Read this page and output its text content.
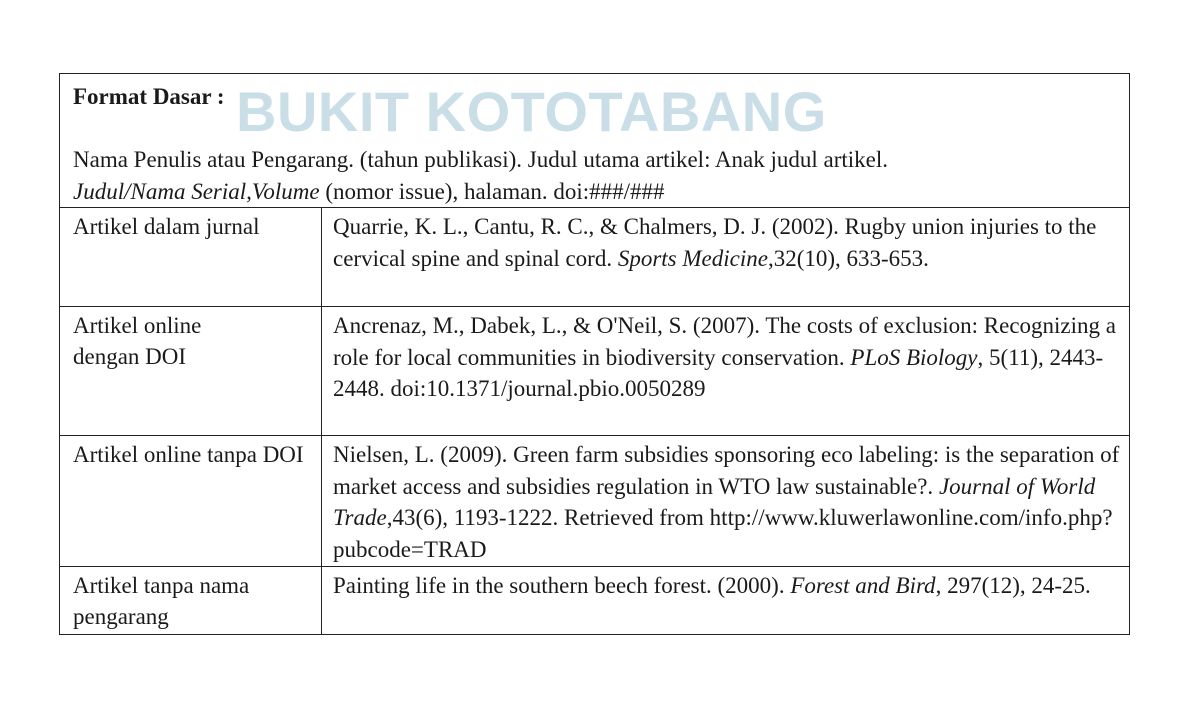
BUKIT KOTOTABANG
Format Dasar :
Nama Penulis atau Pengarang. (tahun publikasi). Judul utama artikel: Anak judul artikel.
Judul/Nama Serial,Volume (nomor issue), halaman. doi:###/###
Artikel dalam jurnal	Quarrie, K. L., Cantu, R. C., & Chalmers, D. J. (2002). Rugby union injuries to the cervical spine and spinal cord. Sports Medicine,32(10), 633-653.
Artikel online dengan DOI
Ancrenaz, M., Dabek, L., & O'Neil, S. (2007). The costs of exclusion: Recognizing a role for local communities in biodiversity conservation. PLoS Biology, 5(11), 2443-2448. doi:10.1371/journal.pbio.0050289
Artikel online tanpa DOI	Nielsen, L. (2009). Green farm subsidies sponsoring eco labeling: is the separation of market access and subsidies regulation in WTO law sustainable?. Journal of World Trade,43(6), 1193-1222. Retrieved from http://www.kluwerlawonline.com/info.php?pubcode=TRAD
Artikel tanpa nama pengarang
Painting life in the southern beech forest. (2000). Forest and Bird, 297(12), 24-25.
